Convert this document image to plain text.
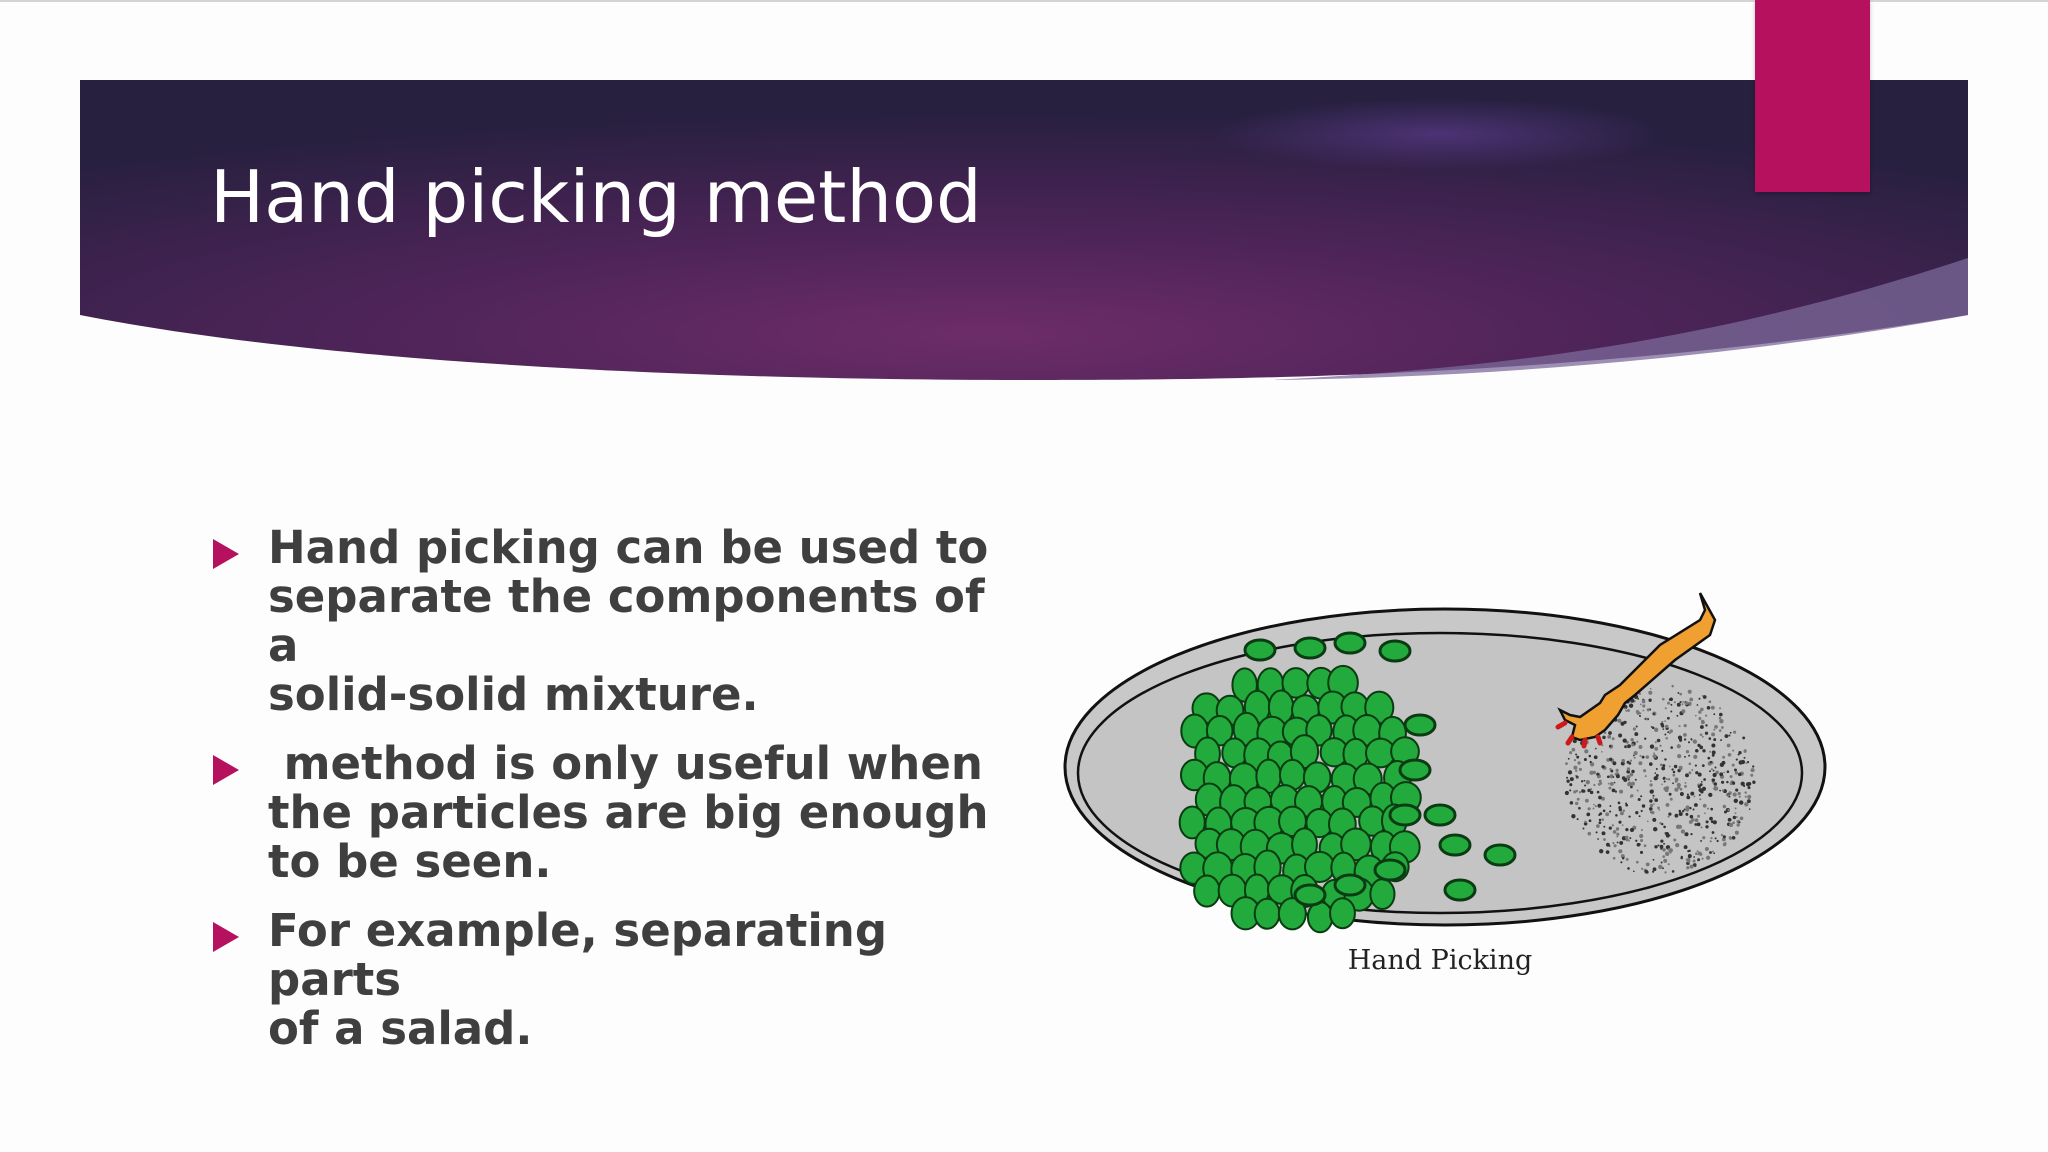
Hand picking method
Hand picking can be used to
separate the components of a
solid-solid mixture.
method is only useful when
the particles are big enough
to be seen.
For example, separating parts
of a salad.
Hand Picking
